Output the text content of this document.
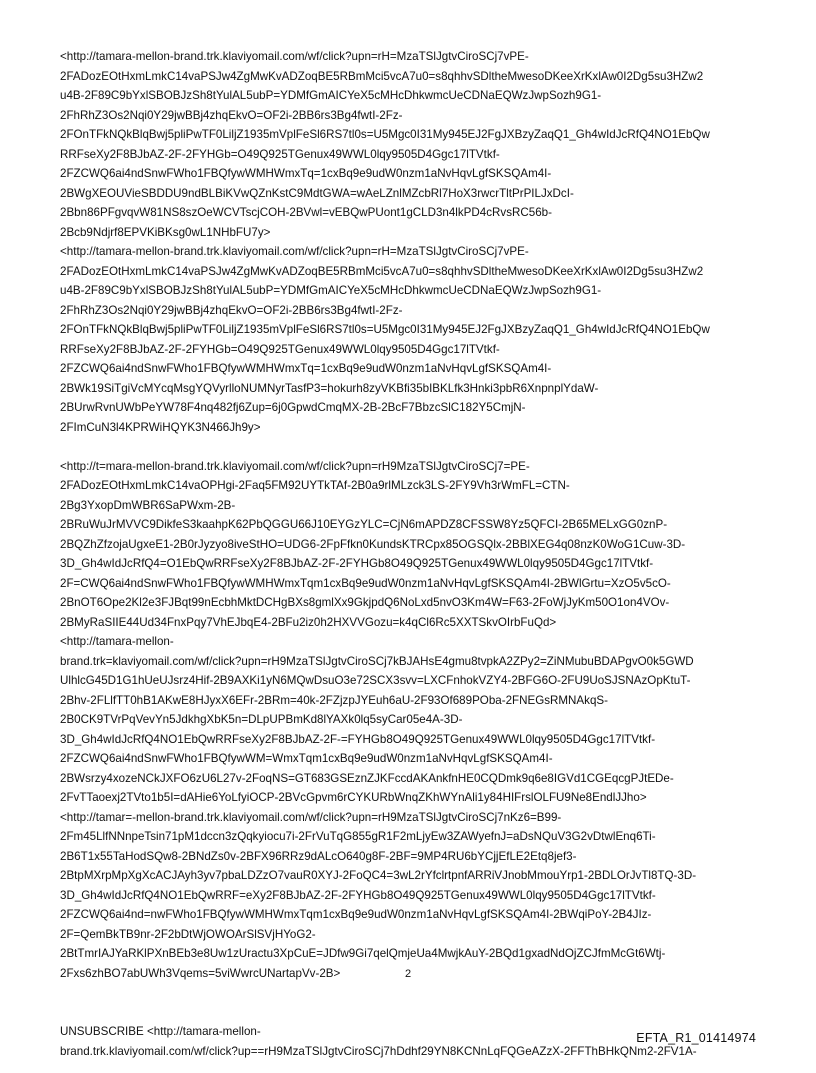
<http://tamara-mellon-brand.trk.klaviyomail.com/wf/click?upn=rH=MzaTSlJgtvCiroSCj7vPE-
2FADozEOtHxmLmkC14vaPSJw4ZgMwKvADZoqBE5RBmMci5vcA7u0=s8qhhvSDltheMwesoDKeeXrKxlAw0I2Dg5su3HZw2
u4B-2F89C9bYxlSBOBJzSh8tYulAL5ubP=YDMfGmAICYeX5cMHcDhkwmcUeCDNaEQWzJwpSozh9G1-
2FhRhZ3Os2Nqi0Y29jwBBj4zhqEkvO=OF2i-2BB6rs3Bg4fwtI-2Fz-
2FOnTFkNQkBlqBwj5pliPwTF0LiljZ1935mVplFeSl6RS7tl0s=U5Mgc0I31My945EJ2FgJXBzyZaqQ1_Gh4wIdJcRfQ4NO1EbQw
RRFseXy2F8BJbAZ-2F-2FYHGb=O49Q925TGenux49WWL0lqy9505D4Ggc17lTVtkf-
2FZCWQ6ai4ndSnwFWho1FBQfywWMHWmxTq=1cxBq9e9udW0nzm1aNvHqvLgfSKSQAm4I-
2BWgXEOUVieSBDDU9ndBLBiKVwQZnKstC9MdtGWA=wAeLZnlMZcbRl7HoX3rwcrTltPrPILJxDcI-
2Bbn86PFgvqvW81NS8szOeWCVTscjCOH-2BVwl=vEBQwPUont1gCLD3n4lkPD4cRvsRC56b-
2Bcb9Ndjrf8EPVKiBKsg0wL1NHbFU7y>
<http://tamara-mellon-brand.trk.klaviyomail.com/wf/click?upn=rH=MzaTSlJgtvCiroSCj7vPE-
2FADozEOtHxmLmkC14vaPSJw4ZgMwKvADZoqBE5RBmMci5vcA7u0=s8qhhvSDltheMwesoDKeeXrKxlAw0I2Dg5su3HZw2
u4B-2F89C9bYxlSBOBJzSh8tYulAL5ubP=YDMfGmAICYeX5cMHcDhkwmcUeCDNaEQWzJwpSozh9G1-
2FhRhZ3Os2Nqi0Y29jwBBj4zhqEkvO=OF2i-2BB6rs3Bg4fwtI-2Fz-
2FOnTFkNQkBlqBwj5pliPwTF0LiljZ1935mVplFeSl6RS7tl0s=U5Mgc0I31My945EJ2FgJXBzyZaqQ1_Gh4wIdJcRfQ4NO1EbQw
RRFseXy2F8BJbAZ-2F-2FYHGb=O49Q925TGenux49WWL0lqy9505D4Ggc17lTVtkf-
2FZCWQ6ai4ndSnwFWho1FBQfywWMHWmxTq=1cxBq9e9udW0nzm1aNvHqvLgfSKSQAm4I-
2BWk19SiTgiVcMYcqMsgYQVyrlloNUMNyrTasfP3=hokurh8zyVKBfi35bIBKLfk3Hnki3pbR6XnpnplYdaW-
2BUrwRvnUWbPeYW78F4nq482fj6Zup=6j0GpwdCmqMX-2B-2BcF7BbzcSlC182Y5CmjN-
2FImCuN3l4KPRWiHQYK3N466Jh9y>
<http://t=mara-mellon-brand.trk.klaviyomail.com/wf/click?upn=rH9MzaTSlJgtvCiroSCj7=PE-
2FADozEOtHxmLmkC14vaOPHgi-2Faq5FM92UYTkTAf-2B0a9rlMLzck3LS-2FY9Vh3rWmFL=CTN-
2Bg3YxopDmWBR6SaPWxm-2B-
2BRuWuJrMVVC9DikfeS3kaahpK62PbQGGU66J10EYGzYLC=CjN6mAPDZ8CFSSW8Yz5QFCI-2B65MELxGG0znP-
2BQZhZfzojaUgxeE1-2B0rJyzyo8iveStHO=UDG6-2FpFfkn0KundsKTRCpx85OGSQlx-2BBlXEG4q08nzK0WoG1Cuw-3D-
3D_Gh4wIdJcRfQ4=O1EbQwRRFseXy2F8BJbAZ-2F-2FYHGb8O49Q925TGenux49WWL0lqy9505D4Ggc17lTVtkf-
2F=CWQ6ai4ndSnwFWho1FBQfywWMHWmxTqm1cxBq9e9udW0nzm1aNvHqvLgfSKSQAm4I-2BWlGrtu=XzO5v5cO-
2BnOT6Ope2Kl2e3FJBqt99nEcbhMktDCHgBXs8gmlXx9GkjpdQ6NoLxd5nvO3Km4W=F63-2FoWjJyKm50O1on4VOv-
2BMyRaSIIE44Ud34FnxPqy7VhEJbqE4-2BFu2iz0h2HXVVGozu=k4qCl6Rc5XXTSkvOIrbFuQd>
<http://tamara-mellon-
brand.trk=klaviyomail.com/wf/click?upn=rH9MzaTSlJgtvCiroSCj7kBJAHsE4gmu8tvpkA2ZPy2=ZiNMubuBDAPgvO0k5GWD
UlhlcG45D1G1hUeUJsrz4Hif-2B9AXKi1yN6MQwDsuO3e72SCX3svv=LXCFnhokVZY4-2BFG6O-2FU9UoSJSNAzOpKtuT-
2Bhv-2FLlfTT0hB1AKwE8HJyxX6EFr-2BRm=40k-2FZjzpJYEuh6aU-2F93Of689POba-2FNEGsRMNAkqS-
2B0CK9TVrPqVevYn5JdkhgXbK5n=DLpUPBmKd8lYAXk0lq5syCar05e4A-3D-
3D_Gh4wIdJcRfQ4NO1EbQwRRFseXy2F8BJbAZ-2F-=FYHGb8O49Q925TGenux49WWL0lqy9505D4Ggc17lTVtkf-
2FZCWQ6ai4ndSnwFWho1FBQfywWM=WmxTqm1cxBq9e9udW0nzm1aNvHqvLgfSKSQAm4I-
2BWsrzy4xozeNCkJXFO6zU6L27v-2FoqNS=GT683GSEznZJKFccdAKAnkfnHE0CQDmk9q6e8IGVd1CGEqcgPJtEDe-
2FvTTaoexj2TVto1b5I=dAHie6YoLfyiOCP-2BVcGpvm6rCYKURbWnqZKhWYnAli1y84HIFrslOLFU9Ne8EndlJJho>
<http://tamar=-mellon-brand.trk.klaviyomail.com/wf/click?upn=rH9MzaTSlJgtvCiroSCj7nKz6=B99-
2Fm45LlfNNnpeTsin71pM1dccn3zQqkyiocu7i-2FrVuTqG855gR1F2mLjyEw3ZAWyefnJ=aDsNQuV3G2vDtwlEnq6Ti-
2B6T1x55TaHodSQw8-2BNdZs0v-2BFX96RRz9dALcO640g8F-2BF=9MP4RU6bYCjjEfLE2Etq8jef3-
2BtpMXrpMpXgXcACJAyh3yv7pbaLDZzO7vauR0XYJ-2FoQC4=3wL2rYfclrtpnfARRiVJnobMmouYrp1-2BDLOrJvTl8TQ-3D-
3D_Gh4wIdJcRfQ4NO1EbQwRRF=eXy2F8BJbAZ-2F-2FYHGb8O49Q925TGenux49WWL0lqy9505D4Ggc17lTVtkf-
2FZCWQ6ai4nd=nwFWho1FBQfywWMHWmxTqm1cxBq9e9udW0nzm1aNvHqvLgfSKSQAm4I-2BWqiPoY-2B4JIz-
2F=QemBkTB9nr-2F2bDtWjOWOArSlSVjHYoG2-
2BtTmrIAJYaRKlPXnBEb3e8Uw1zUractu3XpCuE=JDfw9Gi7qelQmjeUa4MwjkAuY-2BQd1gxadNdOjZCJfmMcGt6Wtj-
2Fxs6zhBO7abUWh3Vqems=5viWwrcUNartapVv-2B>
UNSUBSCRIBE <http://tamara-mellon-
brand.trk.klaviyomail.com/wf/click?up==rH9MzaTSlJgtvCiroSCj7hDdhf29YN8KCNnLqFQGeAZzX-2FFThBHkQNm2-2FV1A-
2
EFTA_R1_01414974
